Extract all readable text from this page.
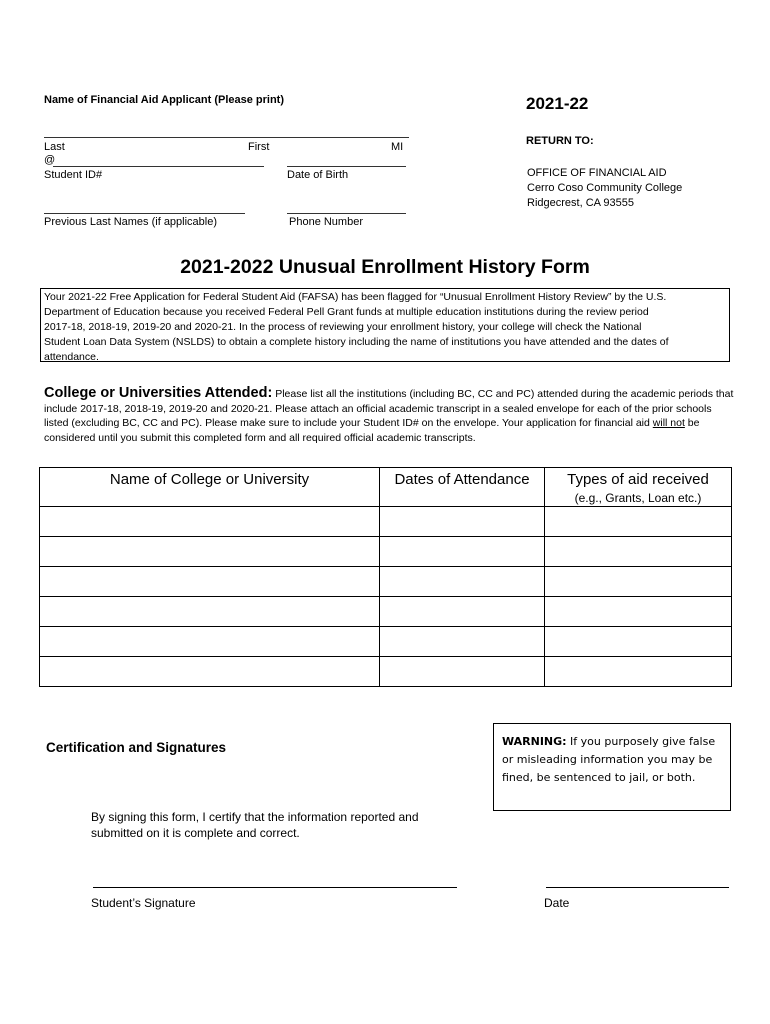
Name of Financial Aid Applicant (Please print)	2021-22
RETURN TO:
OFFICE OF FINANCIAL AID
Cerro Coso Community College
Ridgecrest, CA 93555
Last	First	MI
@
Student ID#	Date of Birth
Previous Last Names (if applicable)	Phone Number
2021-2022 Unusual Enrollment History Form
Your 2021-22 Free Application for Federal Student Aid (FAFSA) has been flagged for “Unusual Enrollment History Review” by the U.S.
Department of Education because you received Federal Pell Grant funds at multiple education institutions during the review period
2017-18, 2018-19, 2019-20 and 2020-21. In the process of reviewing your enrollment history, your college will check the National
Student Loan Data System (NSLDS) to obtain a complete history including the name of institutions you have attended and the dates of
attendance.
College or Universities Attended: Please list all the institutions (including BC, CC and PC) attended during the academic periods that include 2017-18, 2018-19, 2019-20 and 2020-21. Please attach an official academic transcript in a sealed envelope for each of the prior schools listed (excluding BC, CC and PC). Please make sure to include your Student ID# on the envelope. Your application for financial aid will not be considered until you submit this completed form and all required official academic transcripts.
Name of College or University	Dates of Attendance	Types of aid received
(e.g., Grants, Loan etc.)

Certification and Signatures	WARNING: If you purposely give false or misleading information you may be fined, be sentenced to jail, or both.
By signing this form, I certify that the information reported and
submitted on it is complete and correct.
Student’s Signature	Date
